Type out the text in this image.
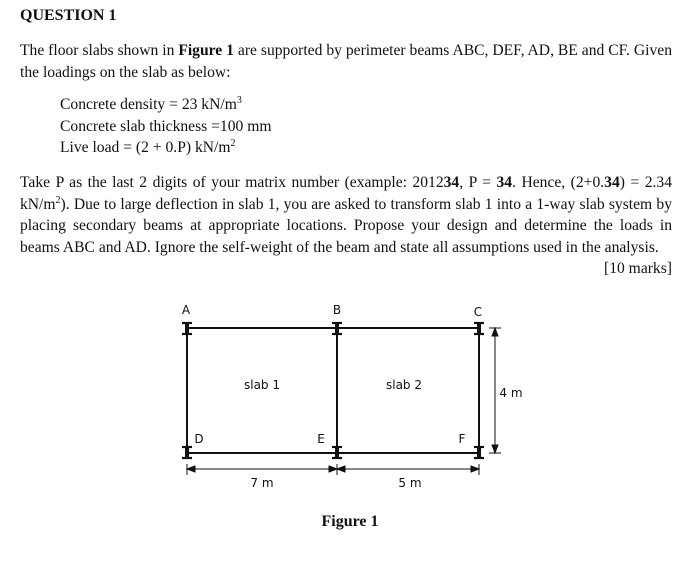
QUESTION 1
The floor slabs shown in Figure 1 are supported by perimeter beams ABC, DEF, AD, BE and CF. Given the loadings on the slab as below:
Concrete density = 23 $kN/m^3$
Concrete slab thickness =100 mm
Live load = (2 + 0.P) $kN/m^2$
Take P as the last 2 digits of your matrix number (example: 201234, P = 34. Hence, (2+0.34) = 2.34 $kN/m^2$). Due to large deflection in slab 1, you are asked to transform slab 1 into a 1-way slab system by placing secondary beams at appropriate locations. Propose your design and determine the loads in beams ABC and AD. Ignore the self-weight of the beam and state all assumptions used in the analysis.
[10 marks]
A	B	C
D	E	F
slab 1	slab 2
7 m	5 m
4 m
Figure 1
